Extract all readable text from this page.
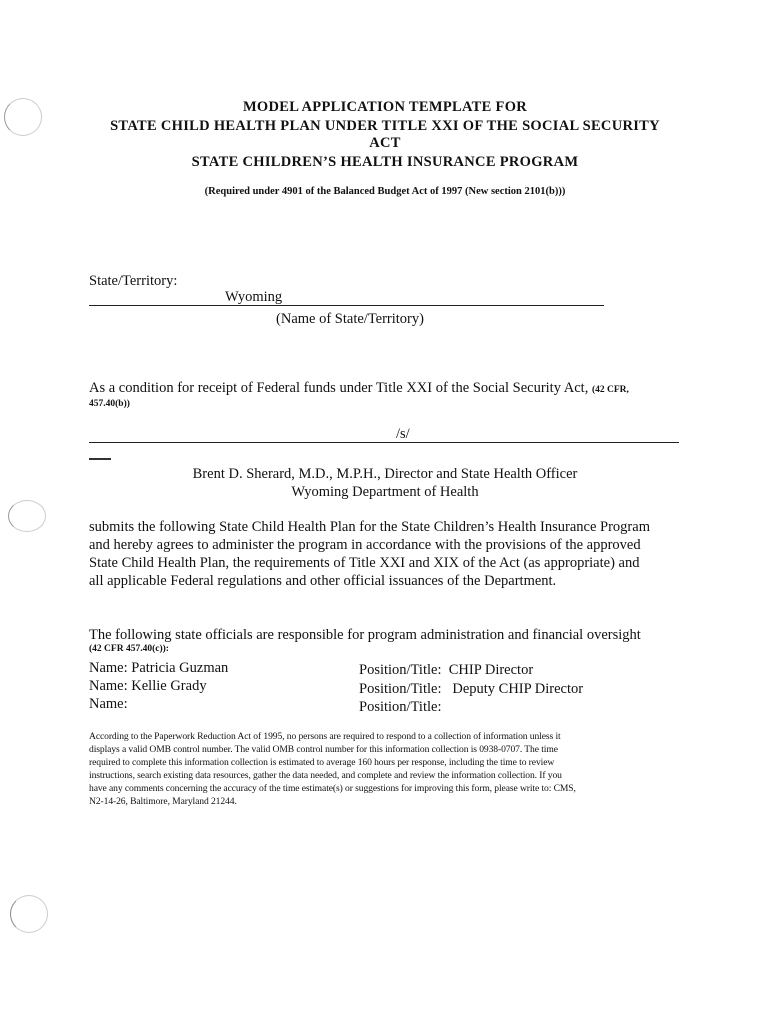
MODEL APPLICATION TEMPLATE FOR
STATE CHILD HEALTH PLAN UNDER TITLE XXI OF THE SOCIAL SECURITY
ACT
STATE CHILDREN’S HEALTH INSURANCE PROGRAM
(Required under 4901 of the Balanced Budget Act of 1997 (New section 2101(b)))
State/Territory:
Wyoming
(Name of State/Territory)
As a condition for receipt of Federal funds under Title XXI of the Social Security Act, (42 CFR,
457.40(b))
/s/
Brent D. Sherard, M.D., M.P.H., Director and State Health Officer
Wyoming Department of Health
submits the following State Child Health Plan for the State Children’s Health Insurance Program
and hereby agrees to administer the program in accordance with the provisions of the approved
State Child Health Plan, the requirements of Title XXI and XIX of the Act (as appropriate) and
all applicable Federal regulations and other official issuances of the Department.
The following state officials are responsible for program administration and financial oversight
(42 CFR 457.40(c)):
Name: Patricia Guzman	Position/Title:  CHIP Director
Name: Kellie Grady	Position/Title:   Deputy CHIP Director
Name:	Position/Title:
According to the Paperwork Reduction Act of 1995, no persons are required to respond to a collection of information unless it
displays a valid OMB control number. The valid OMB control number for this information collection is 0938-0707. The time
required to complete this information collection is estimated to average 160 hours per response, including the time to review
instructions, search existing data resources, gather the data needed, and complete and review the information collection. If you
have any comments concerning the accuracy of the time estimate(s) or suggestions for improving this form, please write to: CMS,
N2-14-26, Baltimore, Maryland 21244.
